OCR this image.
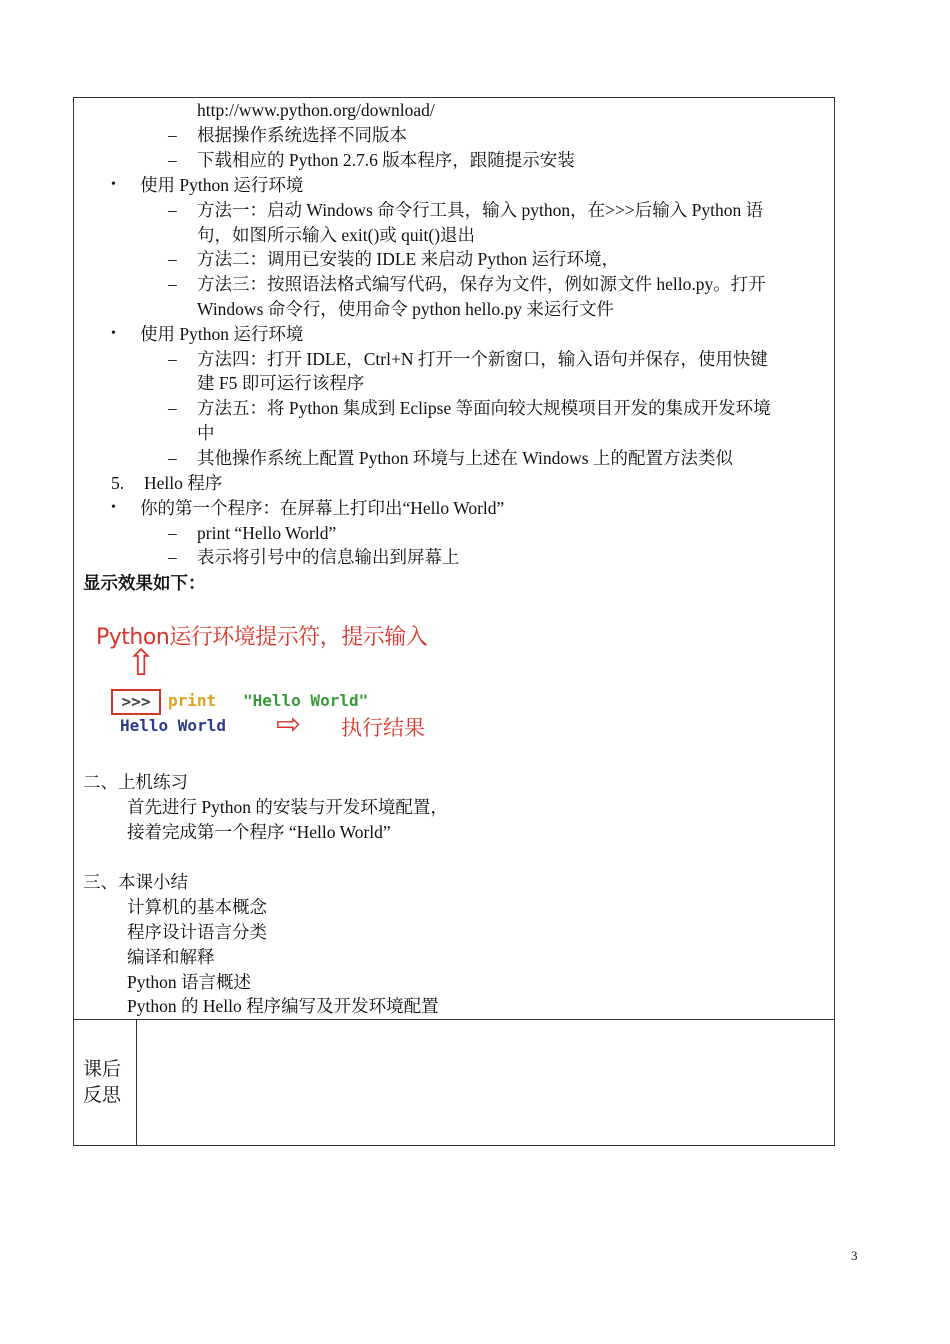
http://www.python.org/download/
– 根据操作系统选择不同版本
– 下载相应的 Python 2.7.6 版本程序，跟随提示安装
• 使用 Python 运行环境
– 方法一：启动 Windows 命令行工具，输入 python，在>>>后输入 Python 语
句，如图所示输入 exit()或 quit()退出
– 方法二：调用已安装的 IDLE 来启动 Python 运行环境，
– 方法三：按照语法格式编写代码，保存为文件，例如源文件 hello.py。打开
Windows 命令行，使用命令 python hello.py 来运行文件
• 使用 Python 运行环境
– 方法四：打开 IDLE，Ctrl+N 打开一个新窗口，输入语句并保存，使用快键
建 F5 即可运行该程序
– 方法五：将 Python 集成到 Eclipse 等面向较大规模项目开发的集成开发环境
中
– 其他操作系统上配置 Python 环境与上述在 Windows 上的配置方法类似
5. Hello 程序
• 你的第一个程序：在屏幕上打印出“Hello World”
– print “Hello World”
– 表示将引号中的信息输出到屏幕上
显示效果如下：
Python运行环境提示符，提示输入
⇧
>>>	print "Hello World"
Hello World ⇨ 执行结果
二、上机练习
首先进行 Python 的安装与开发环境配置，
接着完成第一个程序 “Hello World”
三、本课小结
计算机的基本概念
程序设计语言分类
编译和解释
Python 语言概述
Python 的 Hello 程序编写及开发环境配置
课后反思
3
